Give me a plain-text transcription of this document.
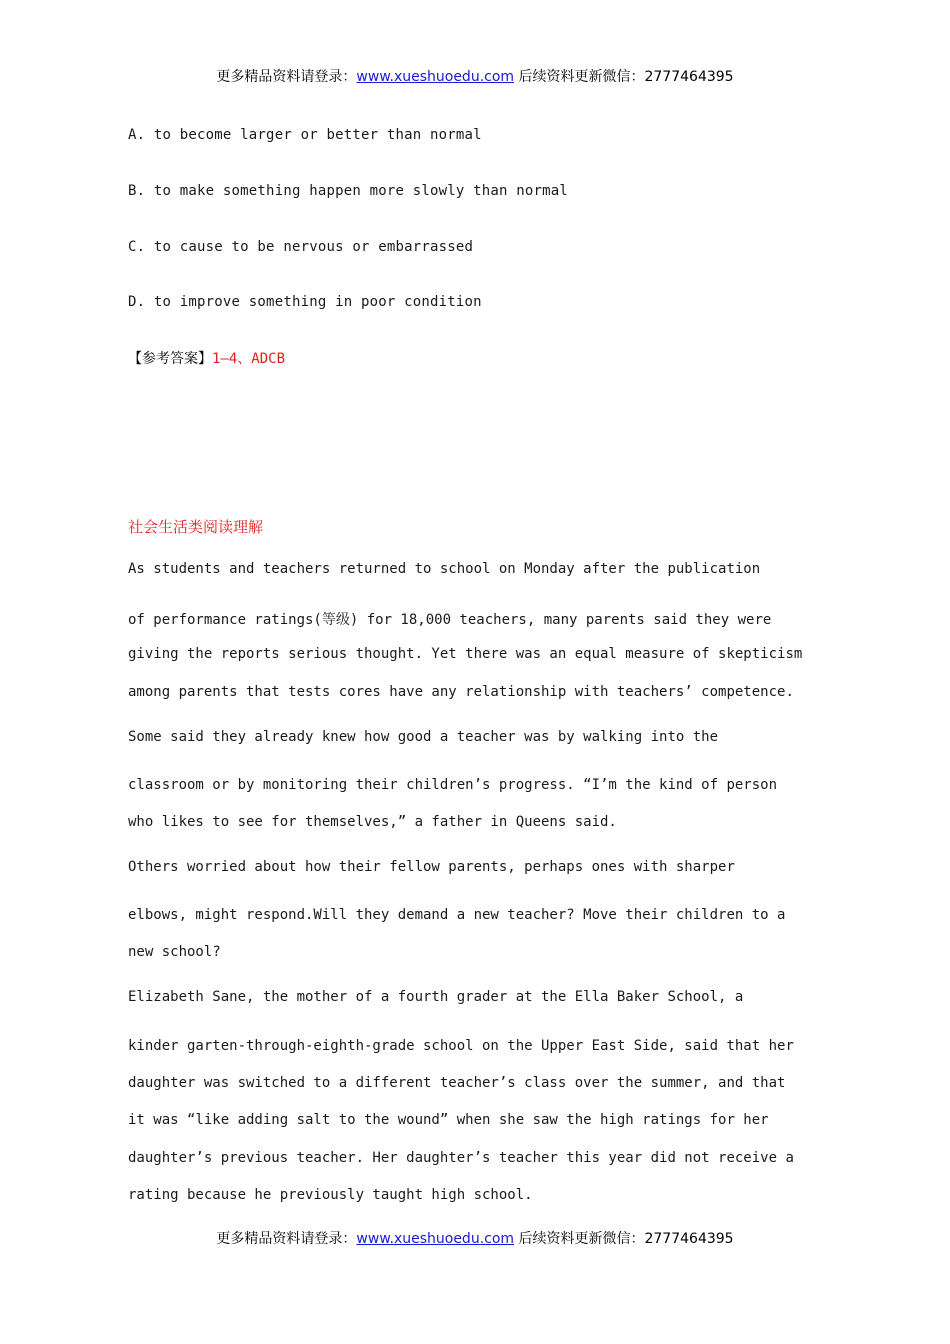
更多精品资料请登录：www.xueshuoedu.com 后续资料更新微信：2777464395
A. to become larger or better than normal
B. to make something happen more slowly than normal
C. to cause to be nervous or embarrassed
D. to improve something in poor condition
【参考答案】1—4、ADCB
社会生活类阅读理解
As students and teachers returned to school on Monday after the publication
of performance ratings(等级) for 18,000 teachers, many parents said they were
giving the reports serious thought. Yet there was an equal measure of skepticism
among parents that tests cores have any relationship with teachers’ competence.
Some said they already knew how good a teacher was by walking into the
classroom or by monitoring their children’s progress. “I’m the kind of person
who likes to see for themselves,” a father in Queens said.
Others worried about how their fellow parents, perhaps ones with sharper
elbows, might respond.Will they demand a new teacher? Move their children to a
new school?
Elizabeth Sane, the mother of a fourth grader at the Ella Baker School, a
kinder garten-through-eighth-grade school on the Upper East Side, said that her
daughter was switched to a different teacher’s class over the summer, and that
it was “like adding salt to the wound” when she saw the high ratings for her
daughter’s previous teacher. Her daughter’s teacher this year did not receive a
rating because he previously taught high school.
更多精品资料请登录：www.xueshuoedu.com 后续资料更新微信：2777464395
